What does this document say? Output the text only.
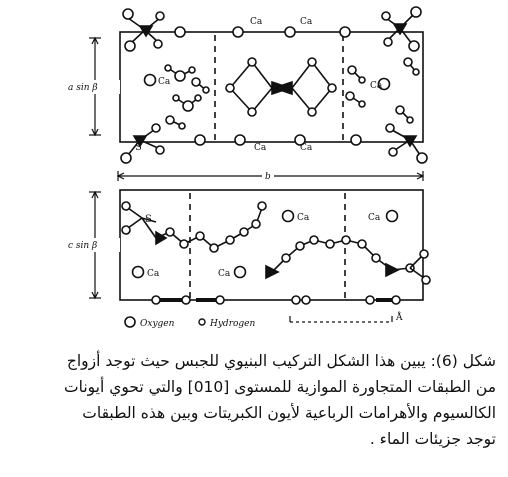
Ca	Ca
Ca	Ca
Ca	Ca
S
a sin β
b
Ca	Ca
Ca	Ca
S
c sin β
Oxygen	Hydrogen
Å
شكل (6): يبين هذا الشكل التركيب البنيوي للجبس حيث توجد أزواج
من الطبقات المتجاورة الموازية للمستوى [010] والتي تحوي أيونات
الكالسيوم والأهرامات الرباعية لأيون الكبريتات وبين هذه الطبقات
توجد جزيئات الماء .
